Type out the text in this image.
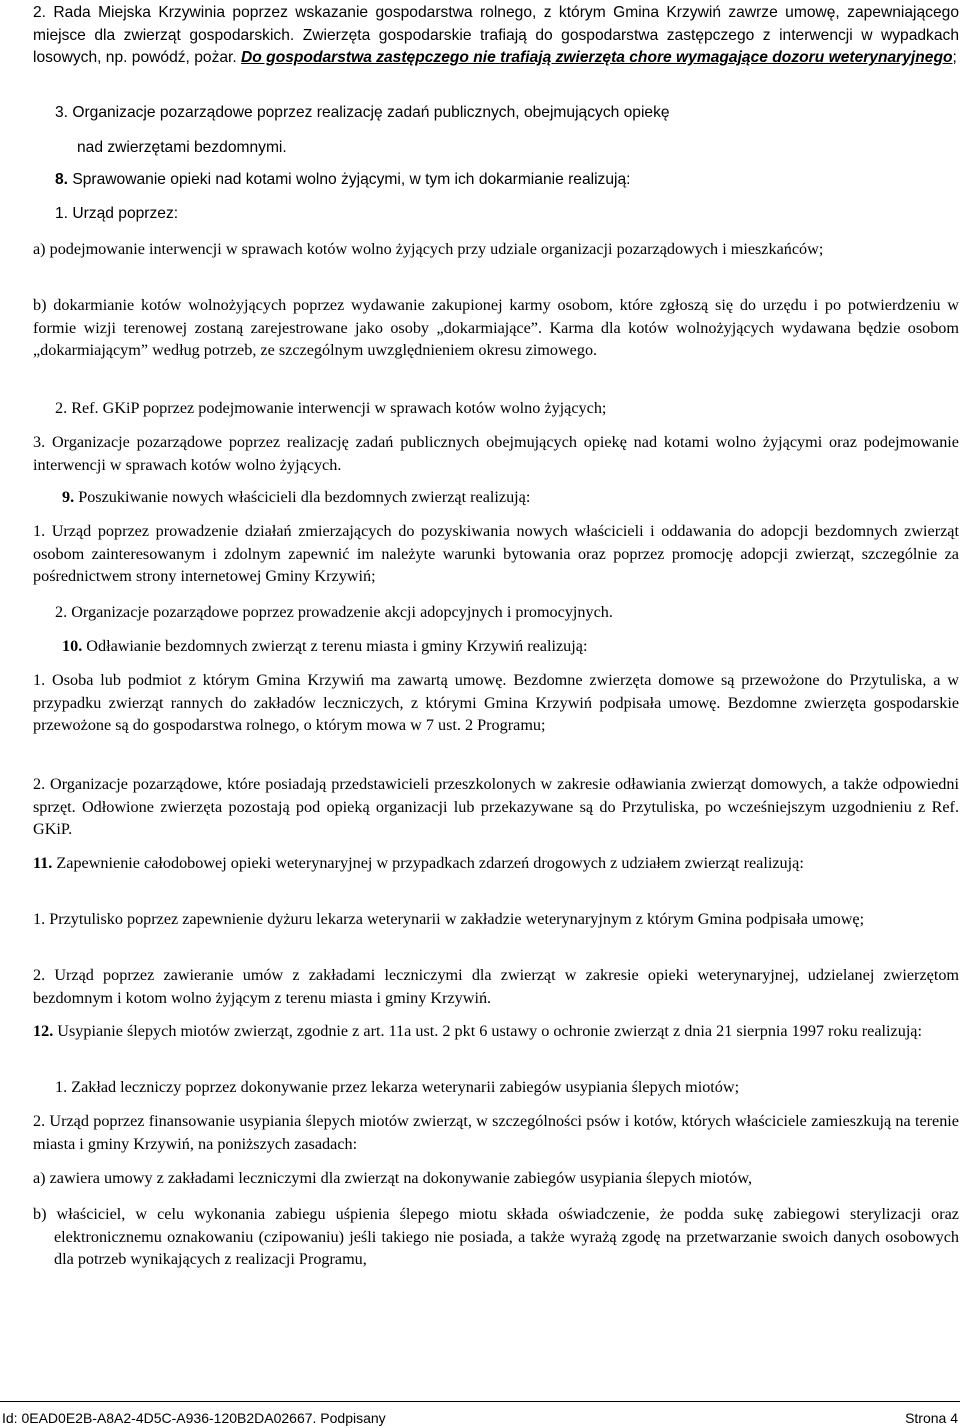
2. Rada Miejska Krzywinia poprzez wskazanie gospodarstwa rolnego, z którym Gmina Krzywiń zawrze umowę, zapewniającego miejsce dla zwierząt gospodarskich. Zwierzęta gospodarskie trafiają do gospodarstwa zastępczego z interwencji w wypadkach losowych, np. powódź, pożar. Do gospodarstwa zastępczego nie trafiają zwierzęta chore wymagające dozoru weterynaryjnego;

3. Organizacje pozarządowe poprzez realizację zadań publicznych, obejmujących opiekę

nad zwierzętami bezdomnymi.

8. Sprawowanie opieki nad kotami wolno żyjącymi, w tym ich dokarmianie realizują:

1. Urząd poprzez:

a) podejmowanie interwencji w sprawach kotów wolno żyjących przy udziale organizacji pozarządowych i mieszkańców;

b) dokarmianie kotów wolnożyjących poprzez wydawanie zakupionej karmy osobom, które zgłoszą się do urzędu i po potwierdzeniu w formie wizji terenowej zostaną zarejestrowane jako osoby „dokarmiające”. Karma dla kotów wolnożyjących wydawana będzie osobom „dokarmiającym” według potrzeb, ze szczególnym uwzględnieniem okresu zimowego.

2. Ref. GKiP poprzez podejmowanie interwencji w sprawach kotów wolno żyjących;

3. Organizacje pozarządowe poprzez realizację zadań publicznych obejmujących opiekę nad kotami wolno żyjącymi oraz podejmowanie interwencji w sprawach kotów wolno żyjących.

9. Poszukiwanie nowych właścicieli dla bezdomnych zwierząt realizują:

1. Urząd poprzez prowadzenie działań zmierzających do pozyskiwania nowych właścicieli i oddawania do adopcji bezdomnych zwierząt osobom zainteresowanym i zdolnym zapewnić im należyte warunki bytowania oraz poprzez promocję adopcji zwierząt, szczególnie za pośrednictwem strony internetowej Gminy Krzywiń;

2. Organizacje pozarządowe poprzez prowadzenie akcji adopcyjnych i promocyjnych.

10. Odławianie bezdomnych zwierząt z terenu miasta i gminy Krzywiń realizują:

1. Osoba lub podmiot z którym Gmina Krzywiń ma zawartą umowę. Bezdomne zwierzęta domowe są przewożone do Przytuliska, a w przypadku zwierząt rannych do zakładów leczniczych, z którymi Gmina Krzywiń podpisała umowę. Bezdomne zwierzęta gospodarskie przewożone są do gospodarstwa rolnego, o którym mowa w 7 ust. 2 Programu;

2. Organizacje pozarządowe, które posiadają przedstawicieli przeszkolonych w zakresie odławiania zwierząt domowych, a także odpowiedni sprzęt. Odłowione zwierzęta pozostają pod opieką organizacji lub przekazywane są do Przytuliska, po wcześniejszym uzgodnieniu z Ref. GKiP.

11. Zapewnienie całodobowej opieki weterynaryjnej w przypadkach zdarzeń drogowych z udziałem zwierząt realizują:

1. Przytulisko poprzez zapewnienie dyżuru lekarza weterynarii w zakładzie weterynaryjnym z którym Gmina podpisała umowę;

2. Urząd poprzez zawieranie umów z zakładami leczniczymi dla zwierząt w zakresie opieki weterynaryjnej, udzielanej zwierzętom bezdomnym i kotom wolno żyjącym z terenu miasta i gminy Krzywiń.

12. Usypianie ślepych miotów zwierząt, zgodnie z art. 11a ust. 2 pkt 6 ustawy o ochronie zwierząt z dnia 21 sierpnia 1997 roku realizują:

1. Zakład leczniczy poprzez dokonywanie przez lekarza weterynarii zabiegów usypiania ślepych miotów;

2. Urząd poprzez finansowanie usypiania ślepych miotów zwierząt, w szczególności psów i kotów, których właściciele zamieszkują na terenie miasta i gminy Krzywiń, na poniższych zasadach:

a) zawiera umowy z zakładami leczniczymi dla zwierząt na dokonywanie zabiegów usypiania ślepych miotów,

b) właściciel, w celu wykonania zabiegu uśpienia ślepego miotu składa oświadczenie, że podda sukę zabiegowi sterylizacji oraz elektronicznemu oznakowaniu (czipowaniu) jeśli takiego nie posiada, a także wyrażą zgodę na przetwarzanie swoich danych osobowych dla potrzeb wynikających z realizacji Programu,

Id: 0EAD0E2B-A8A2-4D5C-A936-120B2DA02667. Podpisany	Strona 4
